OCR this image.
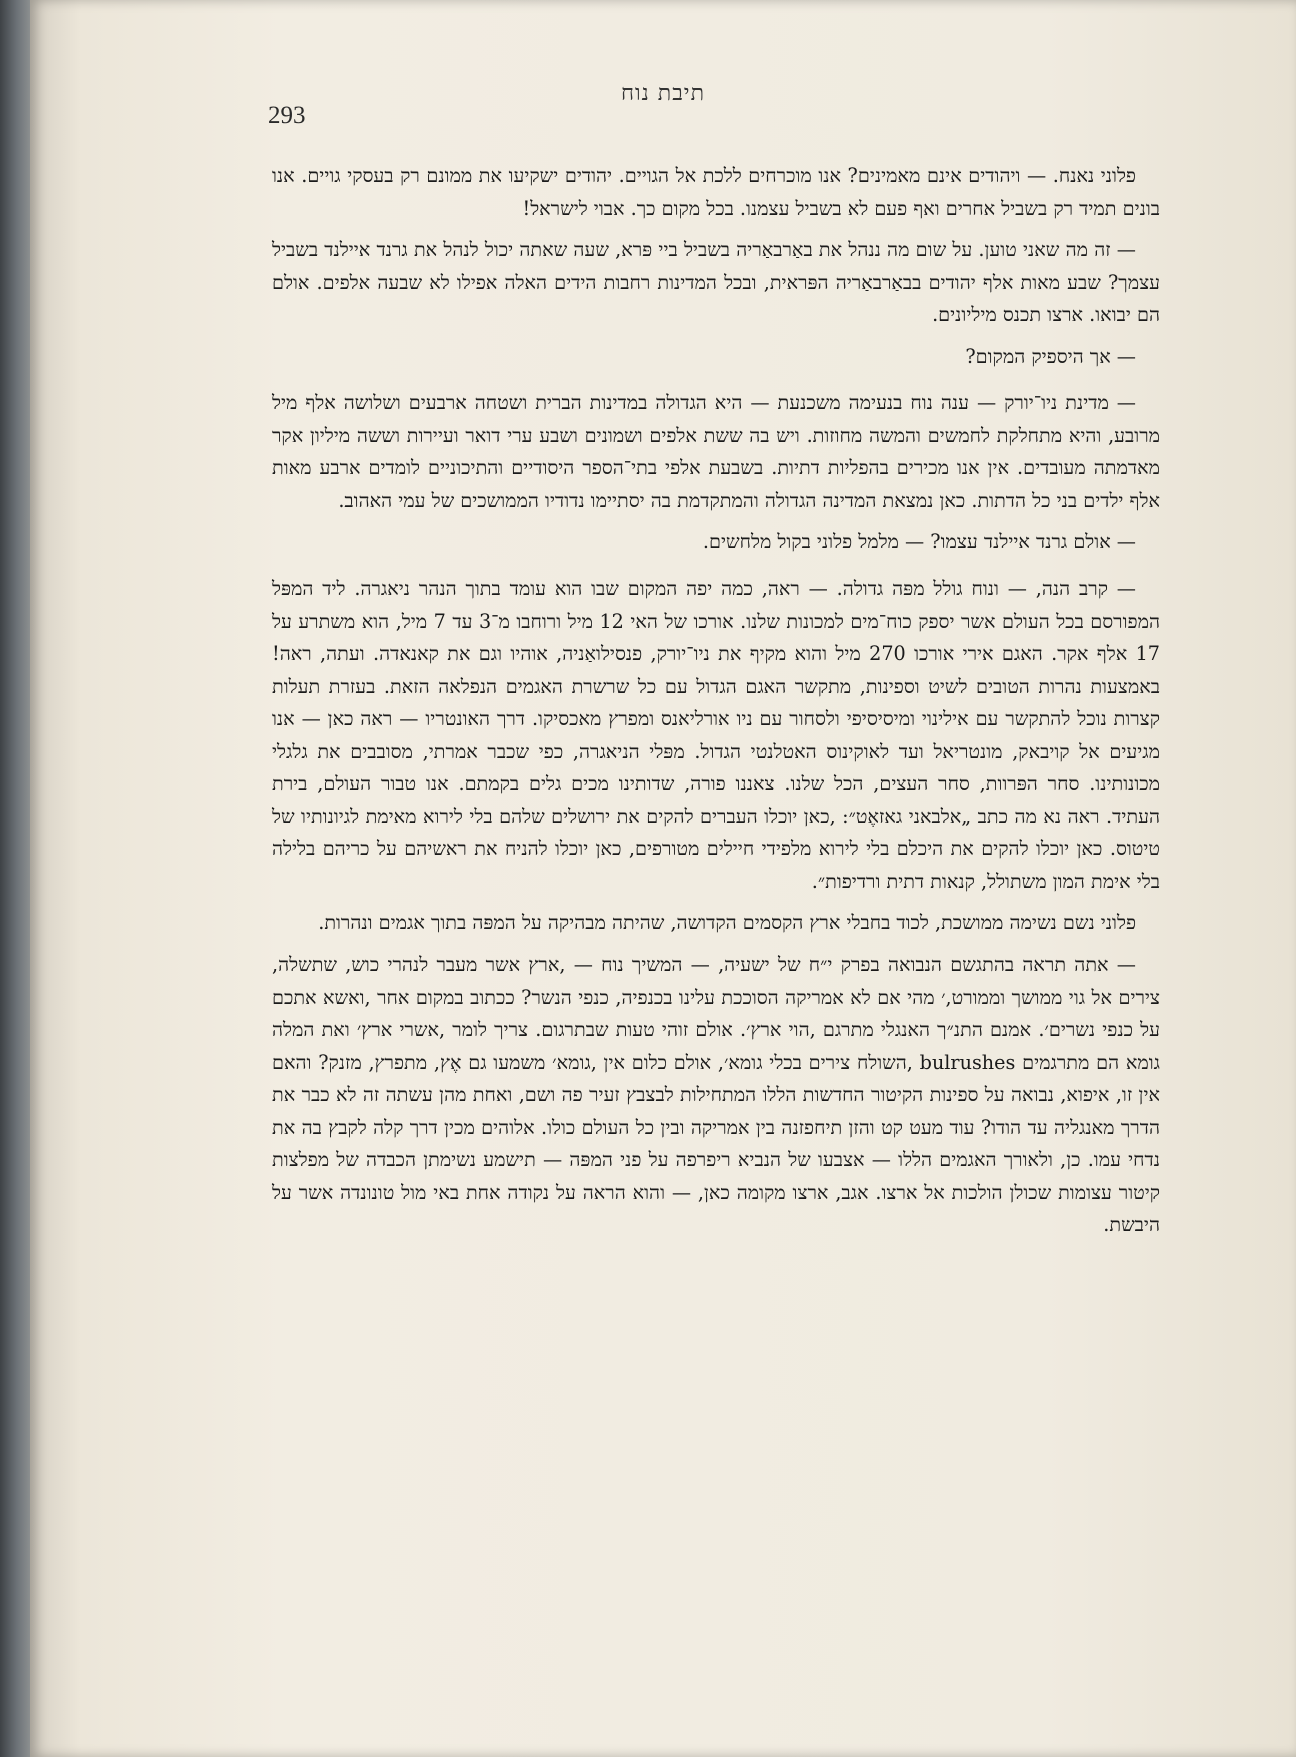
תיבת נוח
293

פלוני נאנח. — ויהודים אינם מאמינים? אנו מוכרחים ללכת אל הגויים. יהודים ישקיעו את ממונם רק בעסקי גויים. אנו בונים תמיד רק בשביל אחרים ואף פעם לא בשביל עצמנו. בכל מקום כך. אבוי לישראל!

— זה מה שאני טוען. על שום מה ננהל את באַרבאַריה בשביל ביי פּרא, שעה שאתה יכול לנהל את גרנד איילנד בשביל עצמך? שבע מאות אלף יהודים בבאַרבאַריה הפּראית, ובכל המדינות רחבות הידים האלה אפילו לא שבעה אלפים. אולם הם יבואו. ארצו תכנס מיליונים.

— אך היספיק המקום?

— מדינת ניו־יורק — ענה נוח בנעימה משכנעת — היא הגדולה במדינות הברית ושטחה ארבעים ושלושה אלף מיל מרובע, והיא מתחלקת לחמשים והמשה מחוזות. ויש בה ששת אלפים ושמונים ושבע ערי דואר ועיירות וששה מיליון אקר מאדמתה מעובדים. אין אנו מכירים בהפליות דתיות. בשבעת אלפי בתי־הספר היסודיים והתיכוניים לומדים ארבע מאות אלף ילדים בני כל הדתות. כאן נמצאת המדינה הגדולה והמתקדמת בה יסתיימו נדודיו הממושכים של עמי האהוב.

— אולם גרנד איילנד עצמו? — מלמל פלוני בקול מלחשים.

— קרב הנה, — ונוח גולל מפּה גדולה. — ראה, כמה יפה המקום שבו הוא עומד בתוך הנהר ניאגרה. ליד המפּל המפורסם בכל העולם אשר יספק כוח־מים למכונות שלנו. אורכו של האי 12 מיל ורוחבו מ־3 עד 7 מיל, הוא משתרע על 17 אלף אקר. האגם אירי אורכו 270 מיל והוא מקיף את ניו־יורק, פנסילואַניה, אוהיו וגם את קאנאדה. ועתה, ראה! באמצעות נהרות הטובים לשיט וספינות, מתקשר האגם הגדול עם כל שרשרת האגמים הנפלאה הזאת. בעזרת תעלות קצרות נוכל להתקשר עם אילינוי ומיסיסיפי ולסחור עם ניו אורליאנס ומפרץ מאכסיקו. דרך האונטריו — ראה כאן — אנו מגיעים אל קויבאק, מונטריאל ועד לאוקינוס האטלנטי הגדול. מפּלי הניאגרה, כפי שכבר אמרתי, מסובבים את גלגלי מכונותינו. סחר הפּרוות, סחר העצים, הכל שלנו. צאננו פורה, שדותינו מכים גלים בקמתם. אנו טבור העולם, בירת העתיד. ראה נא מה כתב „אלבאני גאזאֶט״: ,כאן יוכלו העברים להקים את ירושלים שלהם בלי לירוא מאימת לגיונותיו של טיטוס. כאן יוכלו להקים את היכלם בלי לירוא מלפידי חיילים מטורפים, כאן יוכלו להניח את ראשיהם על כריהם בלילה בלי אימת המון משתולל, קנאות דתית ורדיפות״.

פלוני נשם נשימה ממושכת, לכוד בחבלי ארץ הקסמים הקדושה, שהיתה מבהיקה על המפּה בתוך אגמים ונהרות.

— אתה תראה בהתגשם הנבואה בפרק י״ח של ישעיה, — המשיך נוח — ,ארץ אשר מעבר לנהרי כוש, שתשלה, צירים אל גוי ממושך וממורט,׳ מהי אם לא אמריקה הסוככת עלינו בכנפיה, כנפי הנשר? ככתוב במקום אחר ,ואשא אתכם על כנפי נשרים׳. אמנם התנ״ך האנגלי מתרגם ,הוי ארץ׳. אולם זוהי טעות שבתרגום. צריך לומר ,אשרי ארץ׳ ואת המלה גומא הם מתרגמים bulrushes ,השולח צירים בכלי גומא׳, אולם כלום אין ,גומא׳ משמעו גם אֶץ, מתפרץ, מזנק? והאם אין זו, איפוא, נבואה על ספינות הקיטור החדשות הללו המתחילות לבצבץ זעיר פה ושם, ואחת מהן עשתה זה לא כבר את הדרך מאנגליה עד הודו? עוד מעט קט והזן תיחפזנה בין אמריקה ובין כל העולם כולו. אלוהים מכין דרך קלה לקבץ בה את נדחי עמו. כן, ולאורך האגמים הללו — אצבעו של הנביא ריפרפה על פני המפּה — תישמע נשימתן הכבדה של מפלצות קיטור עצומות שכולן הולכות אל ארצו. אגב, ארצו מקומה כאן, — והוא הראה על נקודה אחת באי מול טונונדה אשר על היבשת.
